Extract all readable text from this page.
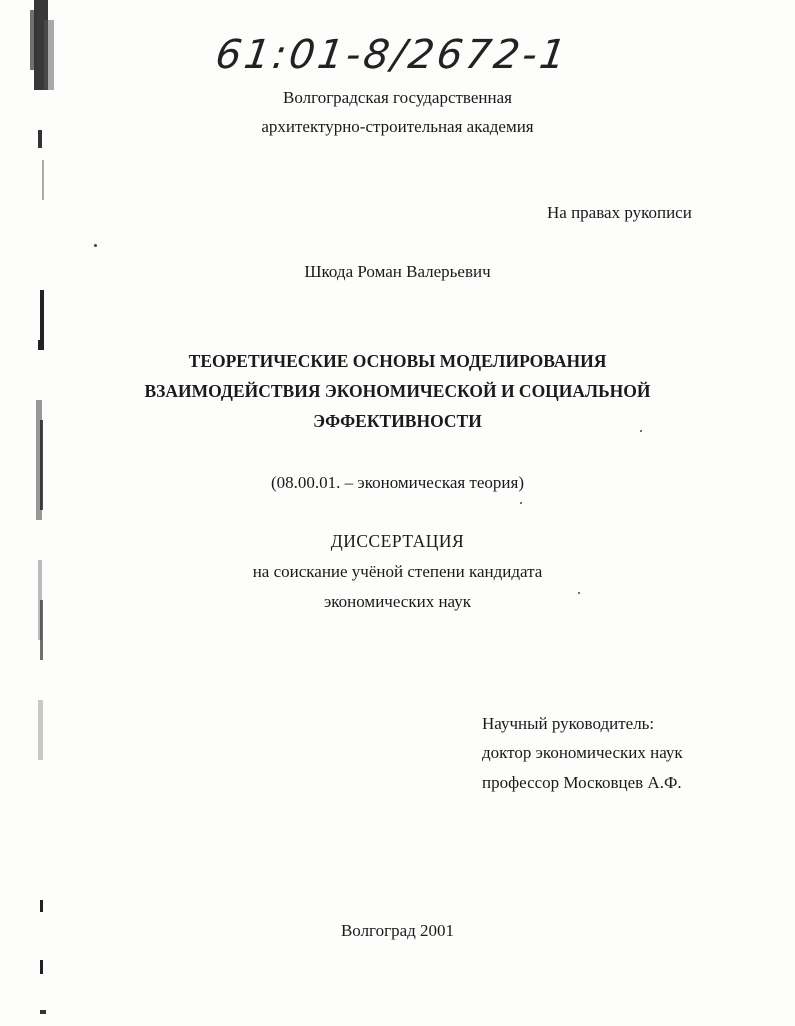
61:01-8/2672-1
Волгоградская государственная
архитектурно-строительная академия
На правах рукописи
Шкода Роман Валерьевич
ТЕОРЕТИЧЕСКИЕ ОСНОВЫ МОДЕЛИРОВАНИЯ
ВЗАИМОДЕЙСТВИЯ ЭКОНОМИЧЕСКОЙ И СОЦИАЛЬНОЙ
ЭФФЕКТИВНОСТИ
(08.00.01. – экономическая теория)
ДИССЕРТАЦИЯ
на соискание учёной степени кандидата
экономических наук
Научный руководитель:
доктор экономических наук
профессор Московцев А.Ф.
Волгоград 2001
